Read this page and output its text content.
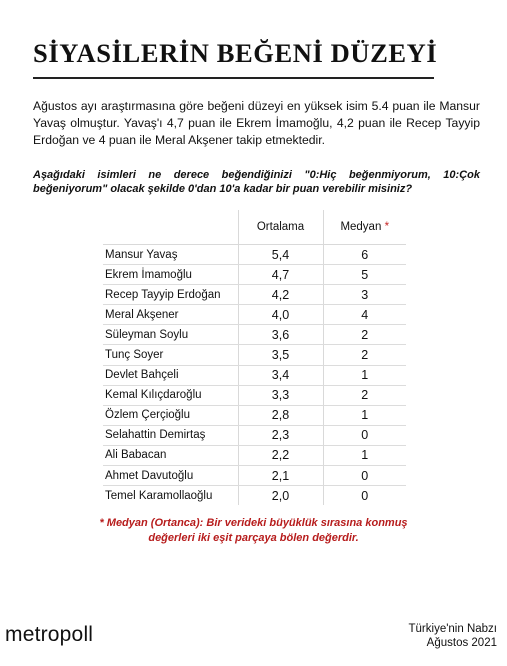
SİYASİLERİN BEĞENİ DÜZEYİ
Ağustos ayı araştırmasına göre beğeni düzeyi en yüksek isim 5.4 puan ile Mansur Yavaş olmuştur. Yavaş'ı 4,7 puan ile Ekrem İmamoğlu, 4,2 puan ile Recep Tayyip Erdoğan ve 4 puan ile Meral Akşener takip etmektedir.
Aşağıdaki isimleri ne derece beğendiğinizi "0:Hiç beğenmiyorum, 10:Çok beğeniyorum" olacak şekilde 0'dan 10'a kadar bir puan verebilir misiniz?
	Ortalama	Medyan *
Mansur Yavaş	5,4	6
Ekrem İmamoğlu	4,7	5
Recep Tayyip Erdoğan	4,2	3
Meral Akşener	4,0	4
Süleyman Soylu	3,6	2
Tunç Soyer	3,5	2
Devlet Bahçeli	3,4	1
Kemal Kılıçdaroğlu	3,3	2
Özlem Çerçioğlu	2,8	1
Selahattin Demirtaş	2,3	0
Ali Babacan	2,2	1
Ahmet Davutoğlu	2,1	0
Temel Karamollaoğlu	2,0	0
* Medyan (Ortanca): Bir verideki büyüklük sırasına konmuş
değerleri iki eşit parçaya bölen değerdir.
metropoll	Türkiye'nin Nabzı
Ağustos 2021
